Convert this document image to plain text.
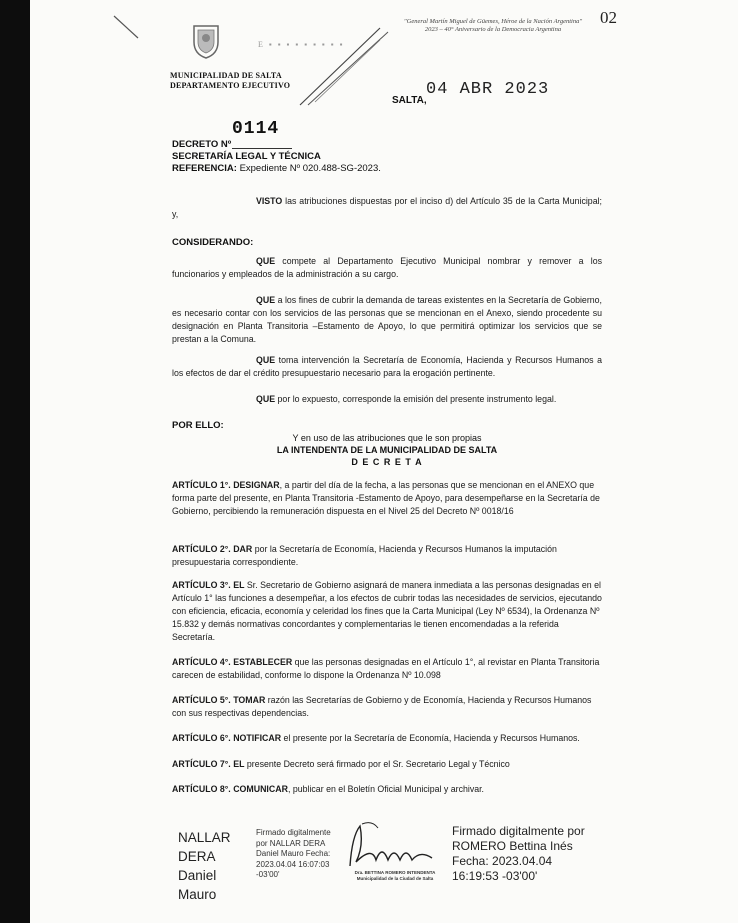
MUNICIPALIDAD DE SALTA
DEPARTAMENTO EJECUTIVO
E ▪ ▪ ▪ ▪ ▪ ▪ ▪ ▪ ▪
"General Martín Miguel de Güemes, Héroe de la Nación Argentina"
2023 – 40° Aniversario de la Democracia Argentina
02
SALTA,
04 ABR 2023
DECRETO Nº
0114
SECRETARÍA LEGAL Y TÉCNICA
REFERENCIA: Expediente Nº 020.488-SG-2023.
VISTO las atribuciones dispuestas por el inciso d) del Artículo 35 de la Carta Municipal; y,
CONSIDERANDO:
QUE compete al Departamento Ejecutivo Municipal nombrar y remover a los funcionarios y empleados de la administración a su cargo.
QUE a los fines de cubrir la demanda de tareas existentes en la Secretaría de Gobierno, es necesario contar con los servicios de las personas que se mencionan en el Anexo, siendo procedente su designación en Planta Transitoria –Estamento de Apoyo, lo que permitirá optimizar los servicios que se prestan a la Comuna.
QUE toma intervención la Secretaría de Economía, Hacienda y Recursos Humanos a los efectos de dar el crédito presupuestario necesario para la erogación pertinente.
QUE por lo expuesto, corresponde la emisión del presente instrumento legal.
POR ELLO:
Y en uso de las atribuciones que le son propias
LA INTENDENTA DE LA MUNICIPALIDAD DE SALTA
D E C R E T A
ARTÍCULO 1°. DESIGNAR, a partir del día de la fecha, a las personas que se mencionan en el ANEXO que forma parte del presente, en Planta Transitoria -Estamento de Apoyo, para desempeñarse en la Secretaría de Gobierno, percibiendo la remuneración dispuesta en el Nivel 25 del Decreto Nº 0018/16
ARTÍCULO 2°. DAR por la Secretaría de Economía, Hacienda y Recursos Humanos la imputación presupuestaria correspondiente.
ARTÍCULO 3°. EL Sr. Secretario de Gobierno asignará de manera inmediata a las personas designadas en el Artículo 1° las funciones a desempeñar, a los efectos de cubrir todas las necesidades de servicios, ejecutando con eficiencia, eficacia, economía y celeridad los fines que la Carta Municipal (Ley Nº 6534), la Ordenanza Nº 15.832 y demás normativas concordantes y complementarias le tienen encomendadas a la referida Secretaría.
ARTÍCULO 4°. ESTABLECER que las personas designadas en el Artículo 1°, al revistar en Planta Transitoria carecen de estabilidad, conforme lo dispone la Ordenanza Nº 10.098
ARTÍCULO 5°. TOMAR razón las Secretarías de Gobierno y de Economía, Hacienda y Recursos Humanos con sus respectivas dependencias.
ARTÍCULO 6°. NOTIFICAR el presente por la Secretaría de Economía, Hacienda y Recursos Humanos.
ARTÍCULO 7°. EL presente Decreto será firmado por el Sr. Secretario Legal y Técnico
ARTÍCULO 8°. COMUNICAR, publicar en el Boletín Oficial Municipal y archivar.
NALLAR DERA Daniel Mauro
Firmado digitalmente por NALLAR DERA Daniel Mauro Fecha: 2023.04.04 16:07:03 -03'00'	Dra. BETTINA ROMERO INTENDENTA Municipalidad de la Ciudad de Salta
Firmado digitalmente por ROMERO Bettina Inés Fecha: 2023.04.04 16:19:53 -03'00'
